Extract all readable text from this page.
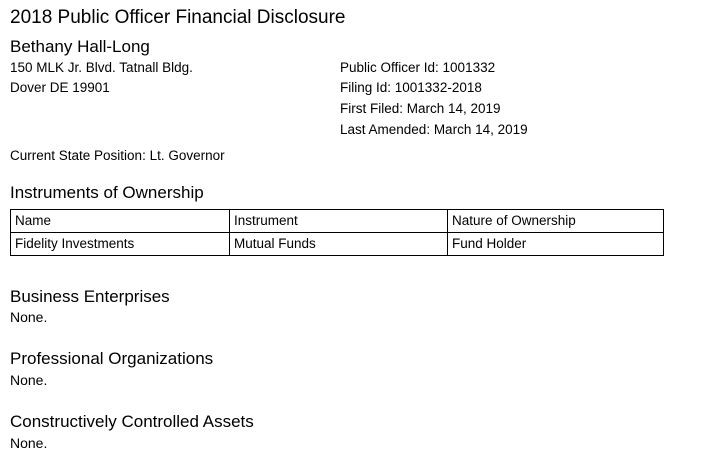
2018 Public Officer Financial Disclosure
Bethany Hall-Long
150 MLK Jr. Blvd. Tatnall Bldg.
Dover DE 19901
Public Officer Id: 1001332
Filing Id: 1001332-2018
First Filed: March 14, 2019
Last Amended: March 14, 2019
Current State Position: Lt. Governor
Instruments of Ownership
Name	Instrument	Nature of Ownership
Fidelity Investments	Mutual Funds	Fund Holder
Business Enterprises
None.
Professional Organizations
None.
Constructively Controlled Assets
None.
